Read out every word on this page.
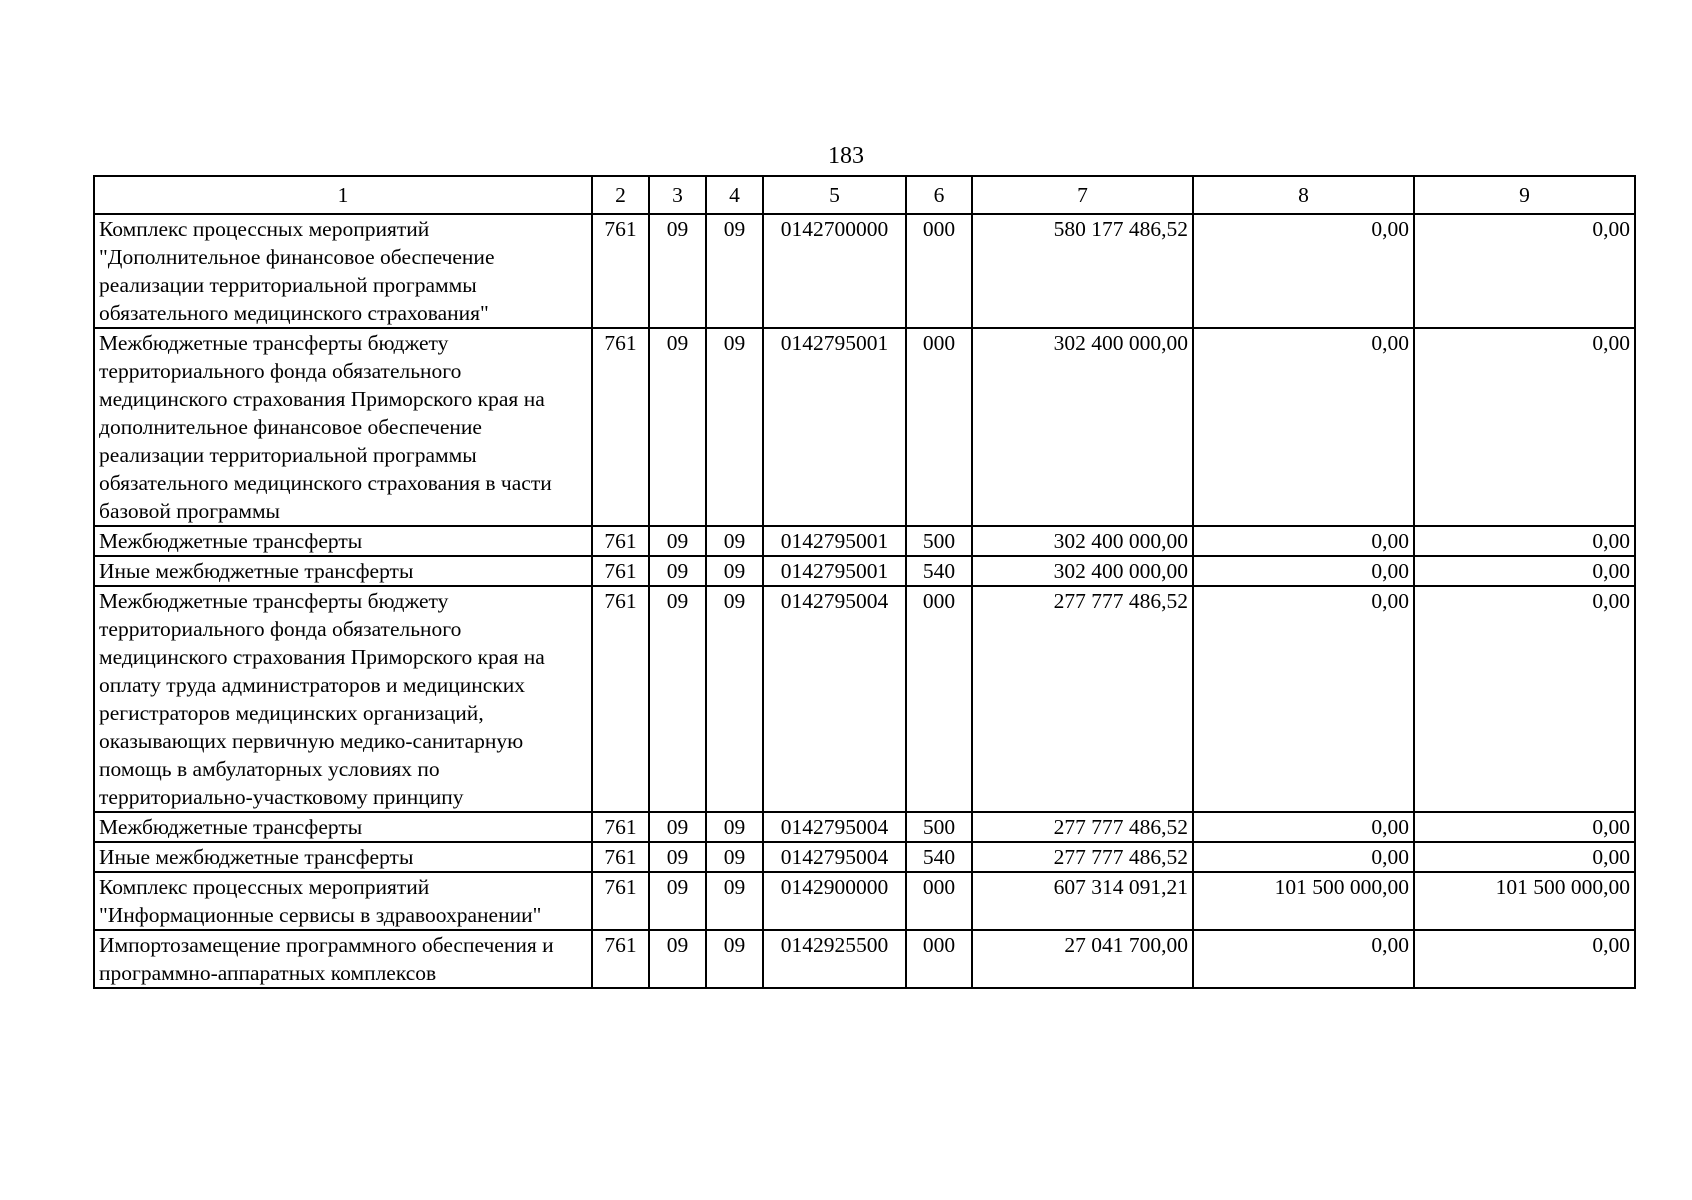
183
1	2	3	4	5	6	7	8	9
Комплекс процессных мероприятий "Дополнительное финансовое обеспечение реализации территориальной программы обязательного медицинского страхования"	761	09	09	0142700000	000	580 177 486,52	0,00	0,00
Межбюджетные трансферты бюджету территориального фонда обязательного медицинского страхования Приморского края на дополнительное финансовое обеспечение реализации территориальной программы обязательного медицинского страхования в части базовой программы	761	09	09	0142795001	000	302 400 000,00	0,00	0,00
Межбюджетные трансферты	761	09	09	0142795001	500	302 400 000,00	0,00	0,00
Иные межбюджетные трансферты	761	09	09	0142795001	540	302 400 000,00	0,00	0,00
Межбюджетные трансферты бюджету территориального фонда обязательного медицинского страхования Приморского края на оплату труда администраторов и медицинских регистраторов медицинских организаций, оказывающих первичную медико-санитарную помощь в амбулаторных условиях по территориально-участковому принципу	761	09	09	0142795004	000	277 777 486,52	0,00	0,00
Межбюджетные трансферты	761	09	09	0142795004	500	277 777 486,52	0,00	0,00
Иные межбюджетные трансферты	761	09	09	0142795004	540	277 777 486,52	0,00	0,00
Комплекс процессных мероприятий "Информационные сервисы в здравоохранении"	761	09	09	0142900000	000	607 314 091,21	101 500 000,00	101 500 000,00
Импортозамещение программного обеспечения и программно-аппаратных комплексов	761	09	09	0142925500	000	27 041 700,00	0,00	0,00
